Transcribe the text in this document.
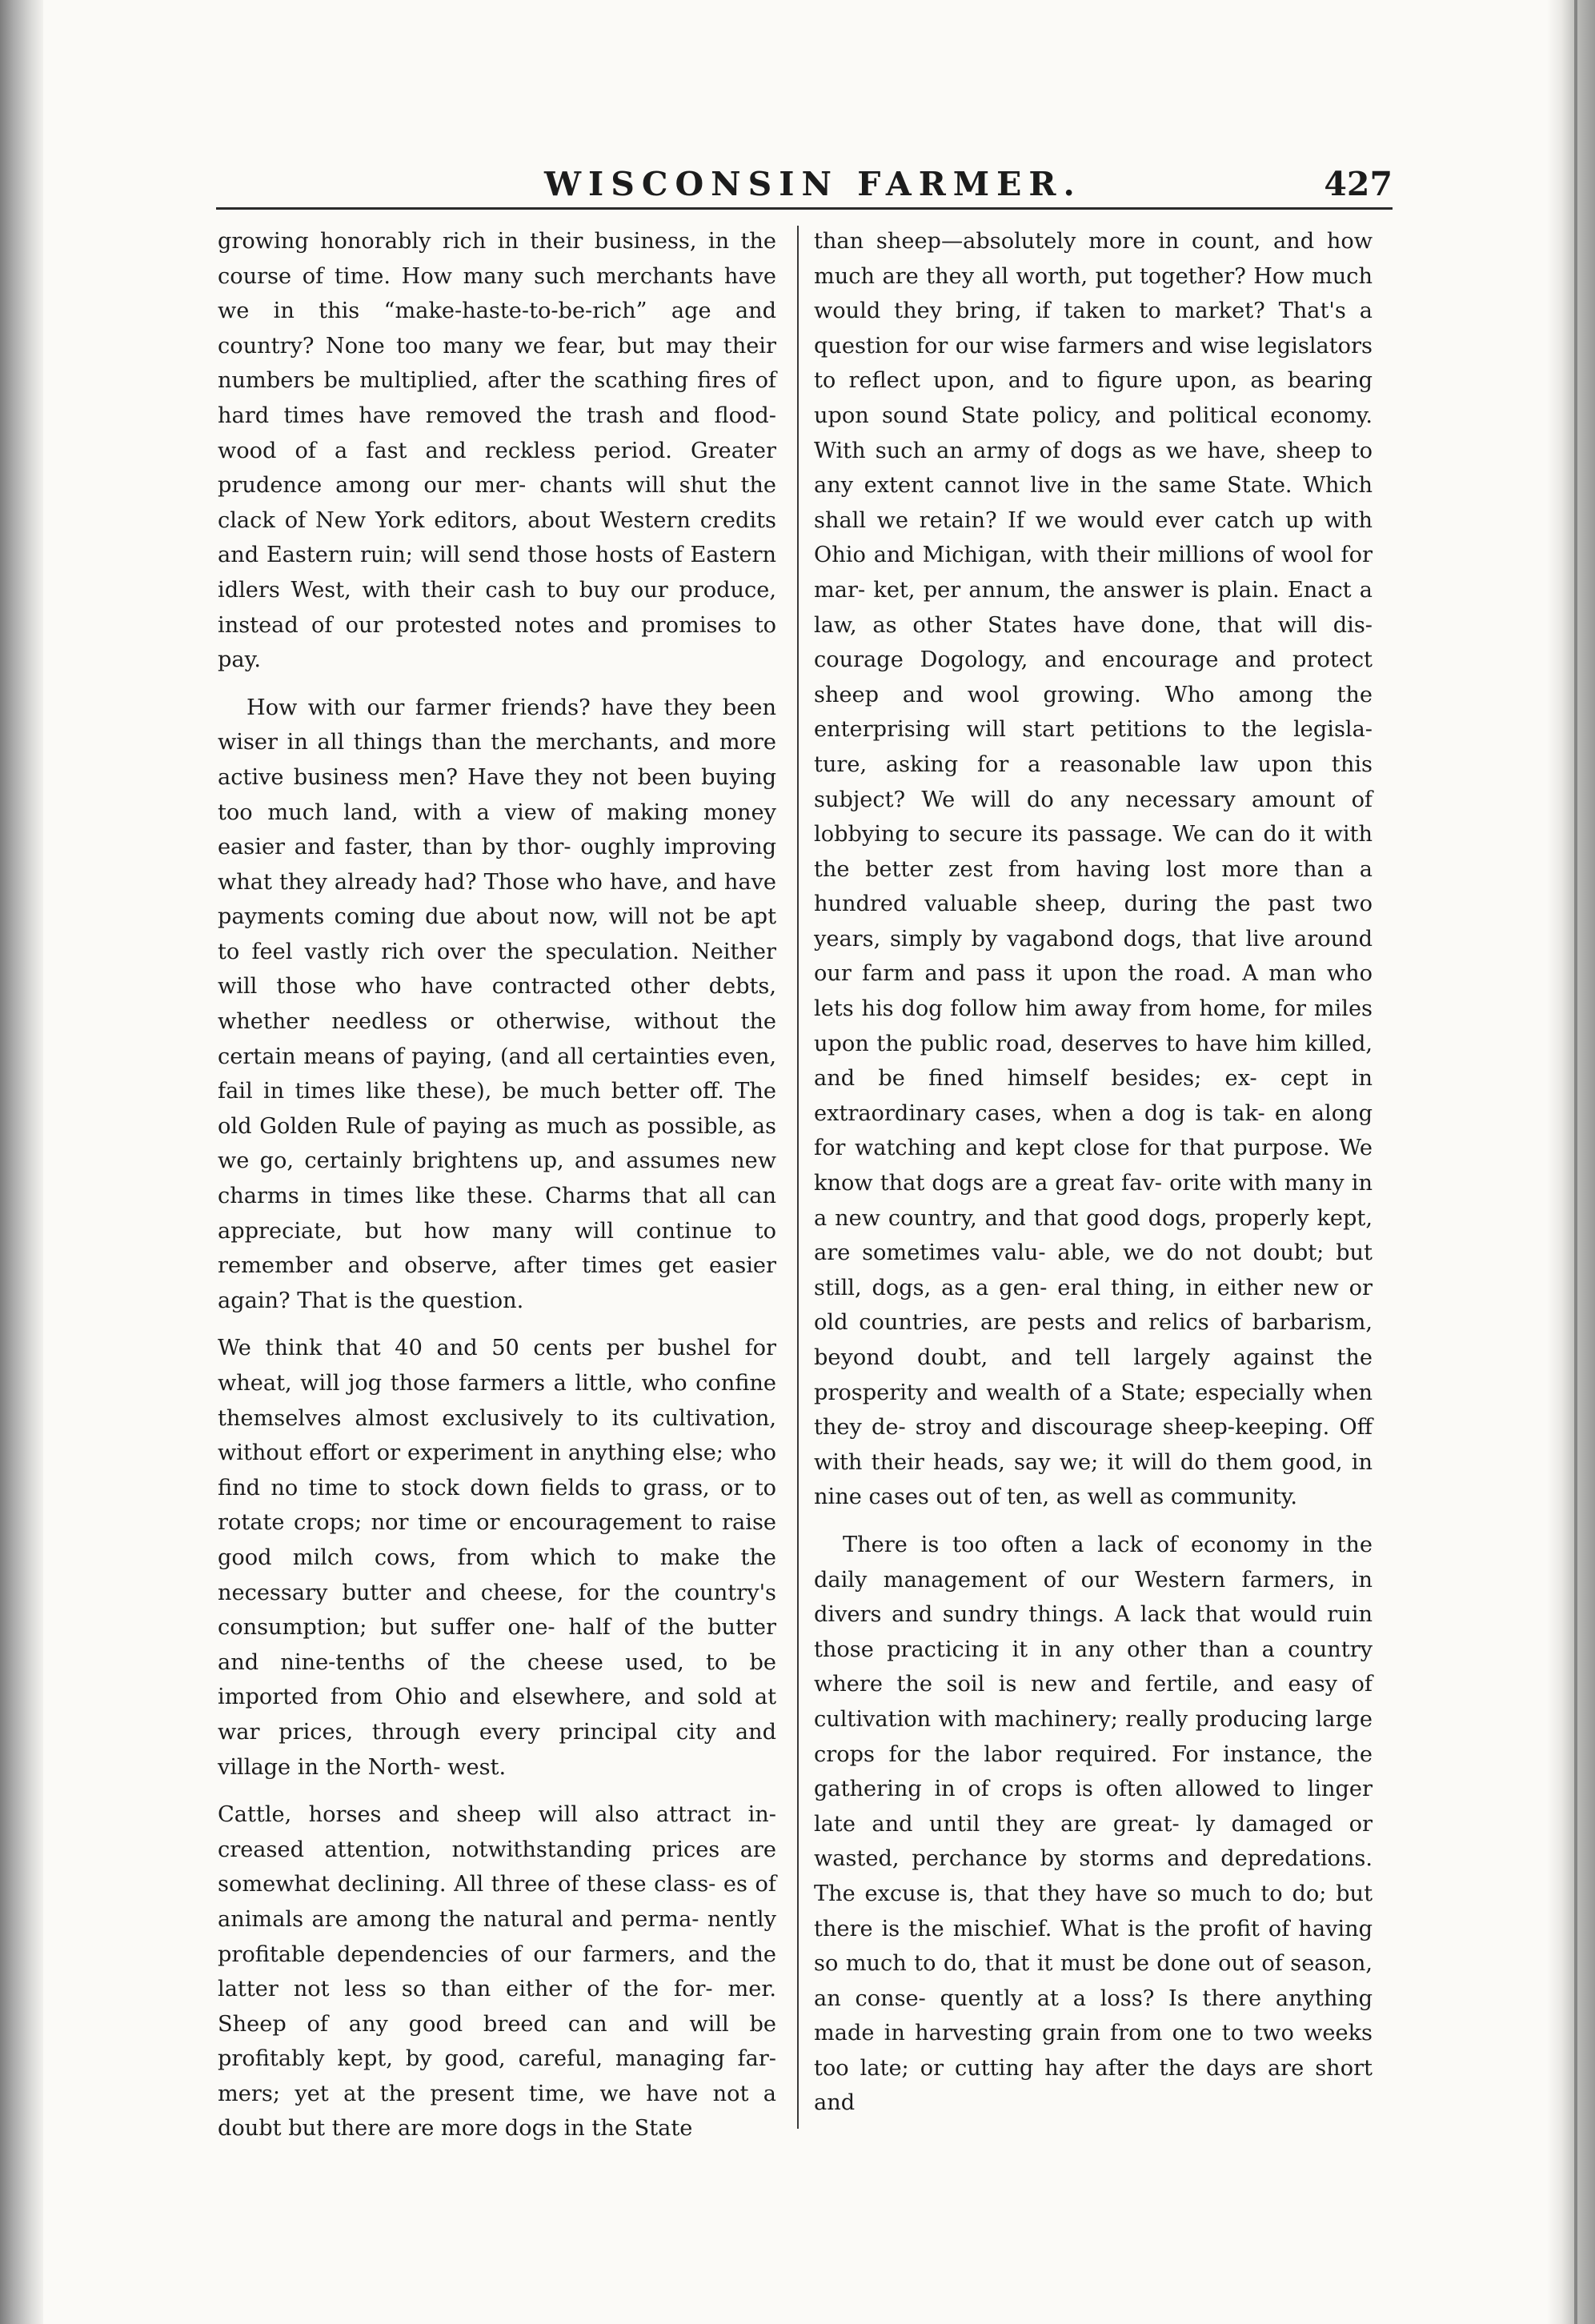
WISCONSIN FARMER.	427

growing honorably rich in their business, in the course of time. How many such merchants have we in this “make-haste-to-be-rich” age and country? None too many we fear, but may their numbers be multiplied, after the scathing fires of hard times have removed the trash and flood-wood of a fast and reckless period. Greater prudence among our mer- chants will shut the clack of New York editors, about Western credits and Eastern ruin; will send those hosts of Eastern idlers West, with their cash to buy our produce, instead of our protested notes and promises to pay.

How with our farmer friends? have they been wiser in all things than the merchants, and more active business men? Have they not been buying too much land, with a view of making money easier and faster, than by thor- oughly improving what they already had? Those who have, and have payments coming due about now, will not be apt to feel vastly rich over the speculation. Neither will those who have contracted other debts, whether needless or otherwise, without the certain means of paying, (and all certainties even, fail in times like these), be much better off. The old Golden Rule of paying as much as possible, as we go, certainly brightens up, and assumes new charms in times like these. Charms that all can appreciate, but how many will continue to remember and observe, after times get easier again? That is the question.

We think that 40 and 50 cents per bushel for wheat, will jog those farmers a little, who confine themselves almost exclusively to its cultivation, without effort or experiment in anything else; who find no time to stock down fields to grass, or to rotate crops; nor time or encouragement to raise good milch cows, from which to make the necessary butter and cheese, for the country's consumption; but suffer one- half of the butter and nine-tenths of the cheese used, to be imported from Ohio and elsewhere, and sold at war prices, through every principal city and village in the North- west.

Cattle, horses and sheep will also attract in- creased attention, notwithstanding prices are somewhat declining. All three of these class- es of animals are among the natural and perma- nently profitable dependencies of our farmers, and the latter not less so than either of the for- mer. Sheep of any good breed can and will be profitably kept, by good, careful, managing far- mers; yet at the present time, we have not a doubt but there are more dogs in the State

than sheep—absolutely more in count, and how much are they all worth, put together? How much would they bring, if taken to market? That's a question for our wise farmers and wise legislators to reflect upon, and to figure upon, as bearing upon sound State policy, and political economy. With such an army of dogs as we have, sheep to any extent cannot live in the same State. Which shall we retain? If we would ever catch up with Ohio and Michigan, with their millions of wool for mar- ket, per annum, the answer is plain. Enact a law, as other States have done, that will dis- courage Dogology, and encourage and protect sheep and wool growing. Who among the enterprising will start petitions to the legisla- ture, asking for a reasonable law upon this subject? We will do any necessary amount of lobbying to secure its passage. We can do it with the better zest from having lost more than a hundred valuable sheep, during the past two years, simply by vagabond dogs, that live around our farm and pass it upon the road. A man who lets his dog follow him away from home, for miles upon the public road, deserves to have him killed, and be fined himself besides; ex- cept in extraordinary cases, when a dog is tak- en along for watching and kept close for that purpose. We know that dogs are a great fav- orite with many in a new country, and that good dogs, properly kept, are sometimes valu- able, we do not doubt; but still, dogs, as a gen- eral thing, in either new or old countries, are pests and relics of barbarism, beyond doubt, and tell largely against the prosperity and wealth of a State; especially when they de- stroy and discourage sheep-keeping. Off with their heads, say we; it will do them good, in nine cases out of ten, as well as community.

There is too often a lack of economy in the daily management of our Western farmers, in divers and sundry things. A lack that would ruin those practicing it in any other than a country where the soil is new and fertile, and easy of cultivation with machinery; really producing large crops for the labor required. For instance, the gathering in of crops is often allowed to linger late and until they are great- ly damaged or wasted, perchance by storms and depredations. The excuse is, that they have so much to do; but there is the mischief. What is the profit of having so much to do, that it must be done out of season, an conse- quently at a loss? Is there anything made in harvesting grain from one to two weeks too late; or cutting hay after the days are short and
